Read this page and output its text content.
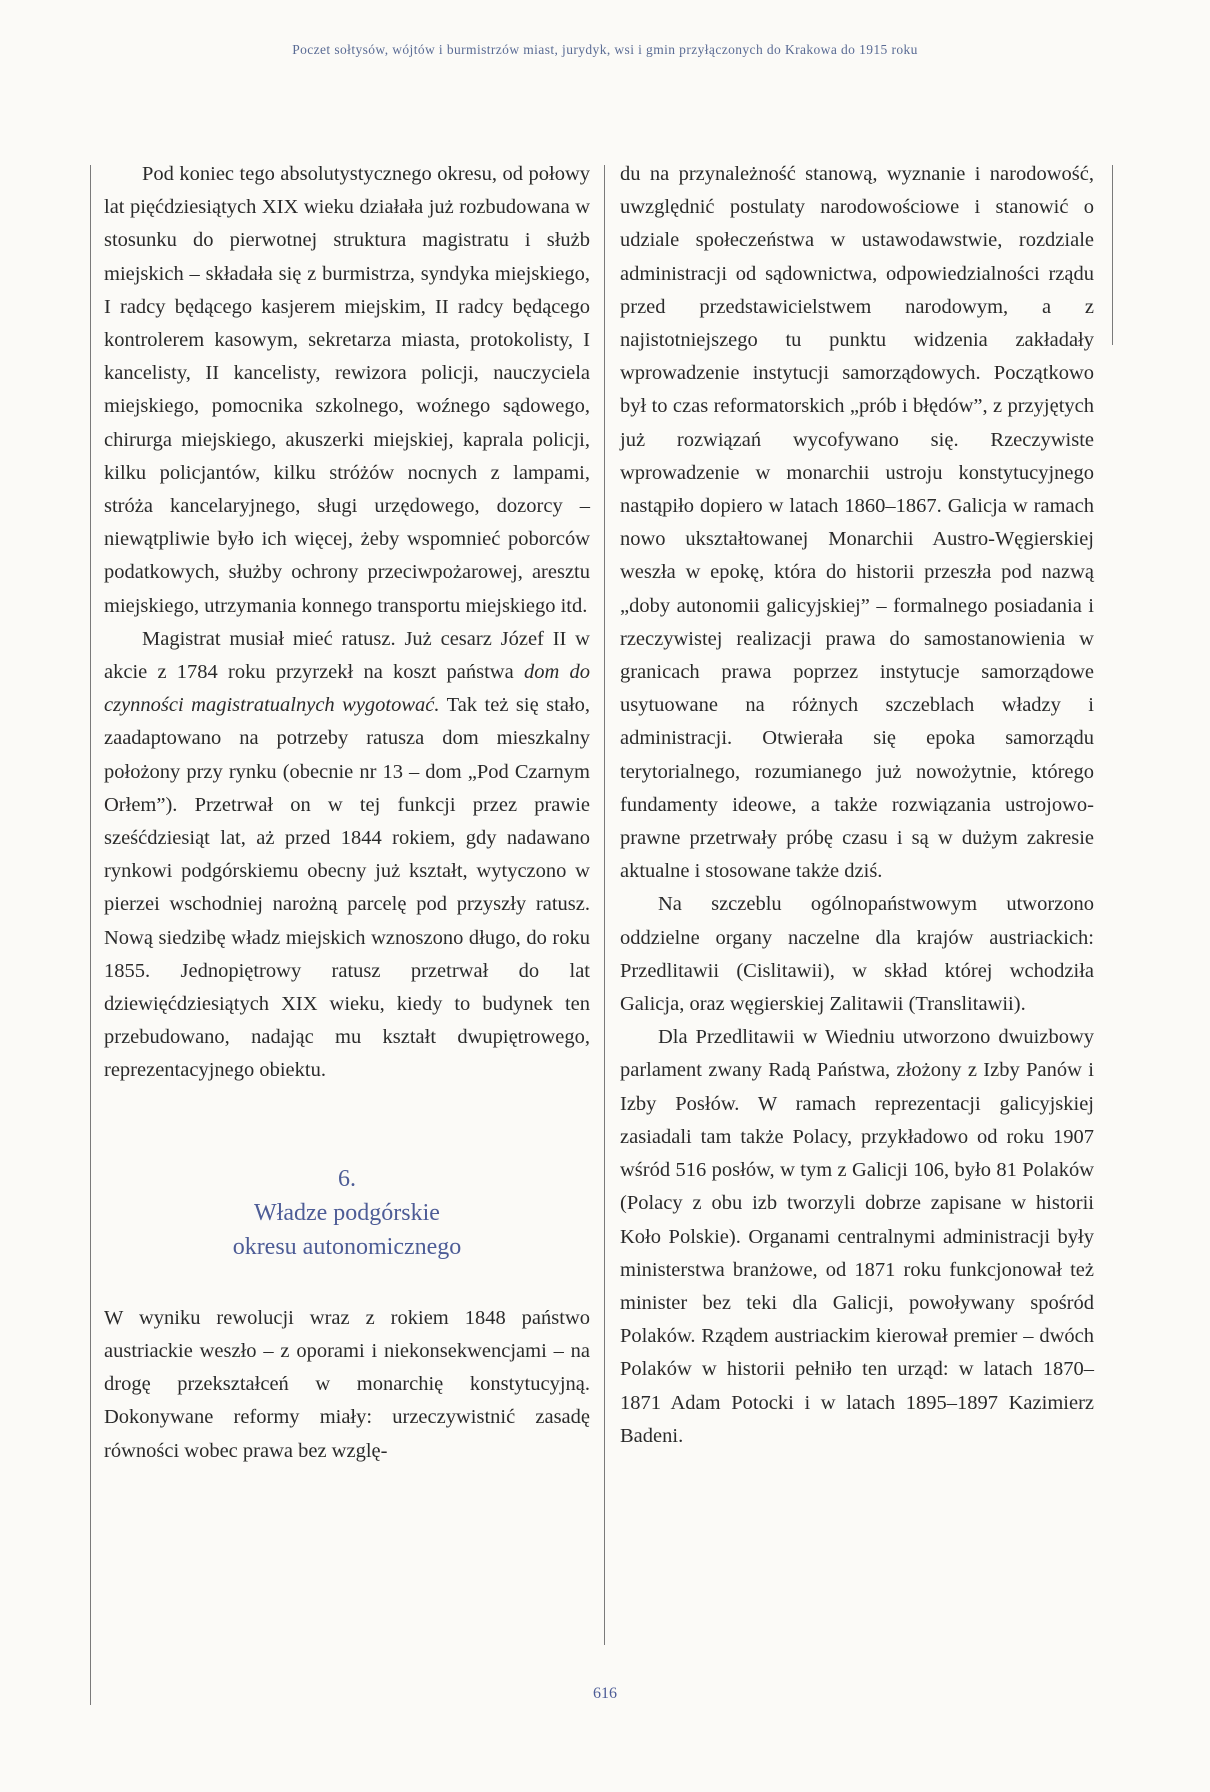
Poczet sołtysów, wójtów i burmistrzów miast, jurydyk, wsi i gmin przyłączonych do Krakowa do 1915 roku

Pod koniec tego absolutystycznego okresu, od połowy lat pięćdziesiątych XIX wieku działała już rozbudowana w stosunku do pierwotnej struktura magistratu i służb miejskich – składała się z burmistrza, syndyka miejskiego, I radcy będącego kasjerem miejskim, II radcy będącego kontrolerem kasowym, sekretarza miasta, protokolisty, I kancelisty, II kancelisty, rewizora policji, nauczyciela miejskiego, pomocnika szkolnego, woźnego sądowego, chirurga miejskiego, akuszerki miejskiej, kaprala policji, kilku policjantów, kilku stróżów nocnych z lampami, stróża kancelaryjnego, sługi urzędowego, dozorcy – niewątpliwie było ich więcej, żeby wspomnieć poborców podatkowych, służby ochrony przeciwpożarowej, aresztu miejskiego, utrzymania konnego transportu miejskiego itd.

Magistrat musiał mieć ratusz. Już cesarz Józef II w akcie z 1784 roku przyrzekł na koszt państwa dom do czynności magistratualnych wygotować. Tak też się stało, zaadaptowano na potrzeby ratusza dom mieszkalny położony przy rynku (obecnie nr 13 – dom „Pod Czarnym Orłem”). Przetrwał on w tej funkcji przez prawie sześćdziesiąt lat, aż przed 1844 rokiem, gdy nadawano rynkowi podgórskiemu obecny już kształt, wytyczono w pierzei wschodniej narożną parcelę pod przyszły ratusz. Nową siedzibę władz miejskich wznoszono długo, do roku 1855. Jednopiętrowy ratusz przetrwał do lat dziewięćdziesiątych XIX wieku, kiedy to budynek ten przebudowano, nadając mu kształt dwupiętrowego, reprezentacyjnego obiektu.

6.
Władze podgórskie
okresu autonomicznego

W wyniku rewolucji wraz z rokiem 1848 państwo austriackie weszło – z oporami i niekonsekwencjami – na drogę przekształceń w monarchię konstytucyjną. Dokonywane reformy miały: urzeczywistnić zasadę równości wobec prawa bez wzglę-

du na przynależność stanową, wyznanie i narodowość, uwzględnić postulaty narodowościowe i stanowić o udziale społeczeństwa w ustawodawstwie, rozdziale administracji od sądownictwa, odpowiedzialności rządu przed przedstawicielstwem narodowym, a z najistotniejszego tu punktu widzenia zakładały wprowadzenie instytucji samorządowych. Początkowo był to czas reformatorskich „prób i błędów”, z przyjętych już rozwiązań wycofywano się. Rzeczywiste wprowadzenie w monarchii ustroju konstytucyjnego nastąpiło dopiero w latach 1860–1867. Galicja w ramach nowo ukształtowanej Monarchii Austro-Węgierskiej weszła w epokę, która do historii przeszła pod nazwą „doby autonomii galicyjskiej” – formalnego posiadania i rzeczywistej realizacji prawa do samostanowienia w granicach prawa poprzez instytucje samorządowe usytuowane na różnych szczeblach władzy i administracji. Otwierała się epoka samorządu terytorialnego, rozumianego już nowożytnie, którego fundamenty ideowe, a także rozwiązania ustrojowo-prawne przetrwały próbę czasu i są w dużym zakresie aktualne i stosowane także dziś.

Na szczeblu ogólnopaństwowym utworzono oddzielne organy naczelne dla krajów austriackich: Przedlitawii (Cislitawii), w skład której wchodziła Galicja, oraz węgierskiej Zalitawii (Translitawii).

Dla Przedlitawii w Wiedniu utworzono dwuizbowy parlament zwany Radą Państwa, złożony z Izby Panów i Izby Posłów. W ramach reprezentacji galicyjskiej zasiadali tam także Polacy, przykładowo od roku 1907 wśród 516 posłów, w tym z Galicji 106, było 81 Polaków (Polacy z obu izb tworzyli dobrze zapisane w historii Koło Polskie). Organami centralnymi administracji były ministerstwa branżowe, od 1871 roku funkcjonował też minister bez teki dla Galicji, powoływany spośród Polaków. Rządem austriackim kierował premier – dwóch Polaków w historii pełniło ten urząd: w latach 1870–1871 Adam Potocki i w latach 1895–1897 Kazimierz Badeni.

616
